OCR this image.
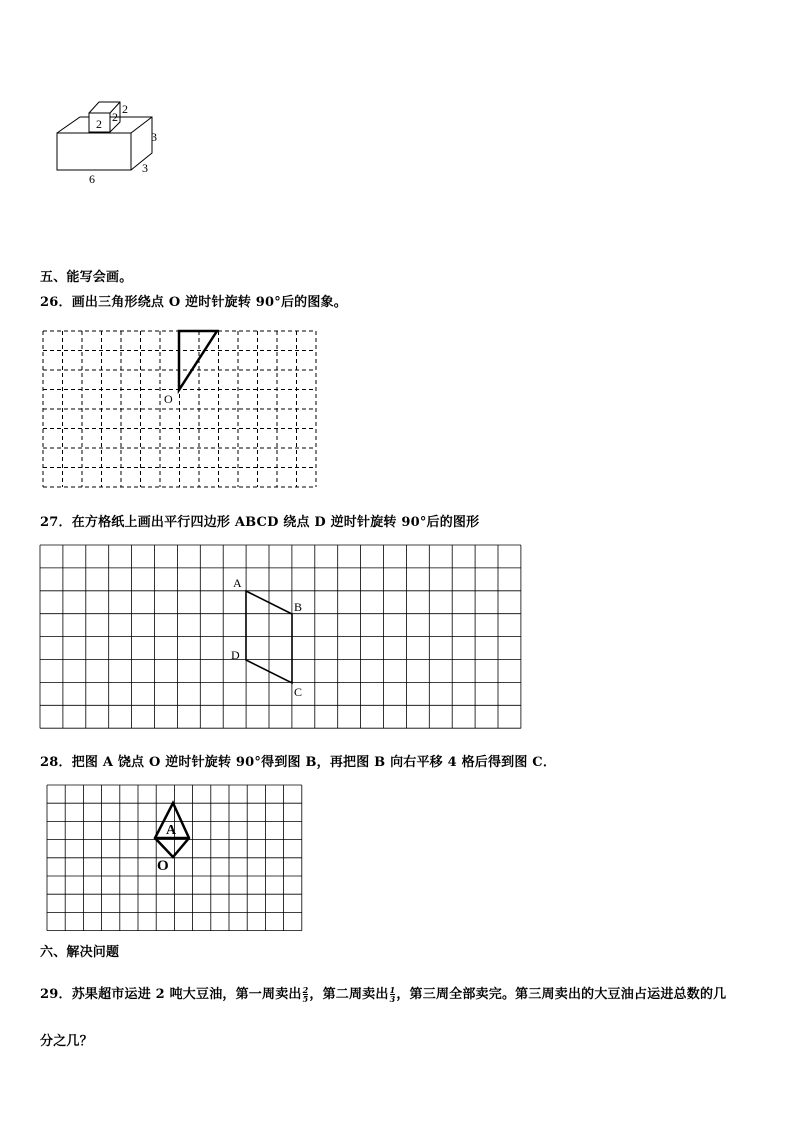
2 2
2
3
3
6
五、能写会画。
26．画出三角形绕点 O 逆时针旋转 90°后的图象。
O
27．在方格纸上画出平行四边形 ABCD 绕点 D 逆时针旋转 90°后的图形
A
B
C
D
28．把图 A 饶点 O 逆时针旋转 90°得到图 B，再把图 B 向右平移 4 格后得到图 C．
A
O
六、解决问题
29．苏果超市运进 2 吨大豆油，第一周卖出 $\frac{2}{5}$ ，第二周卖出 $\frac{1}{3}$ ，第三周全部卖完。第三周卖出的大豆油占运进总数的几
分之几？
